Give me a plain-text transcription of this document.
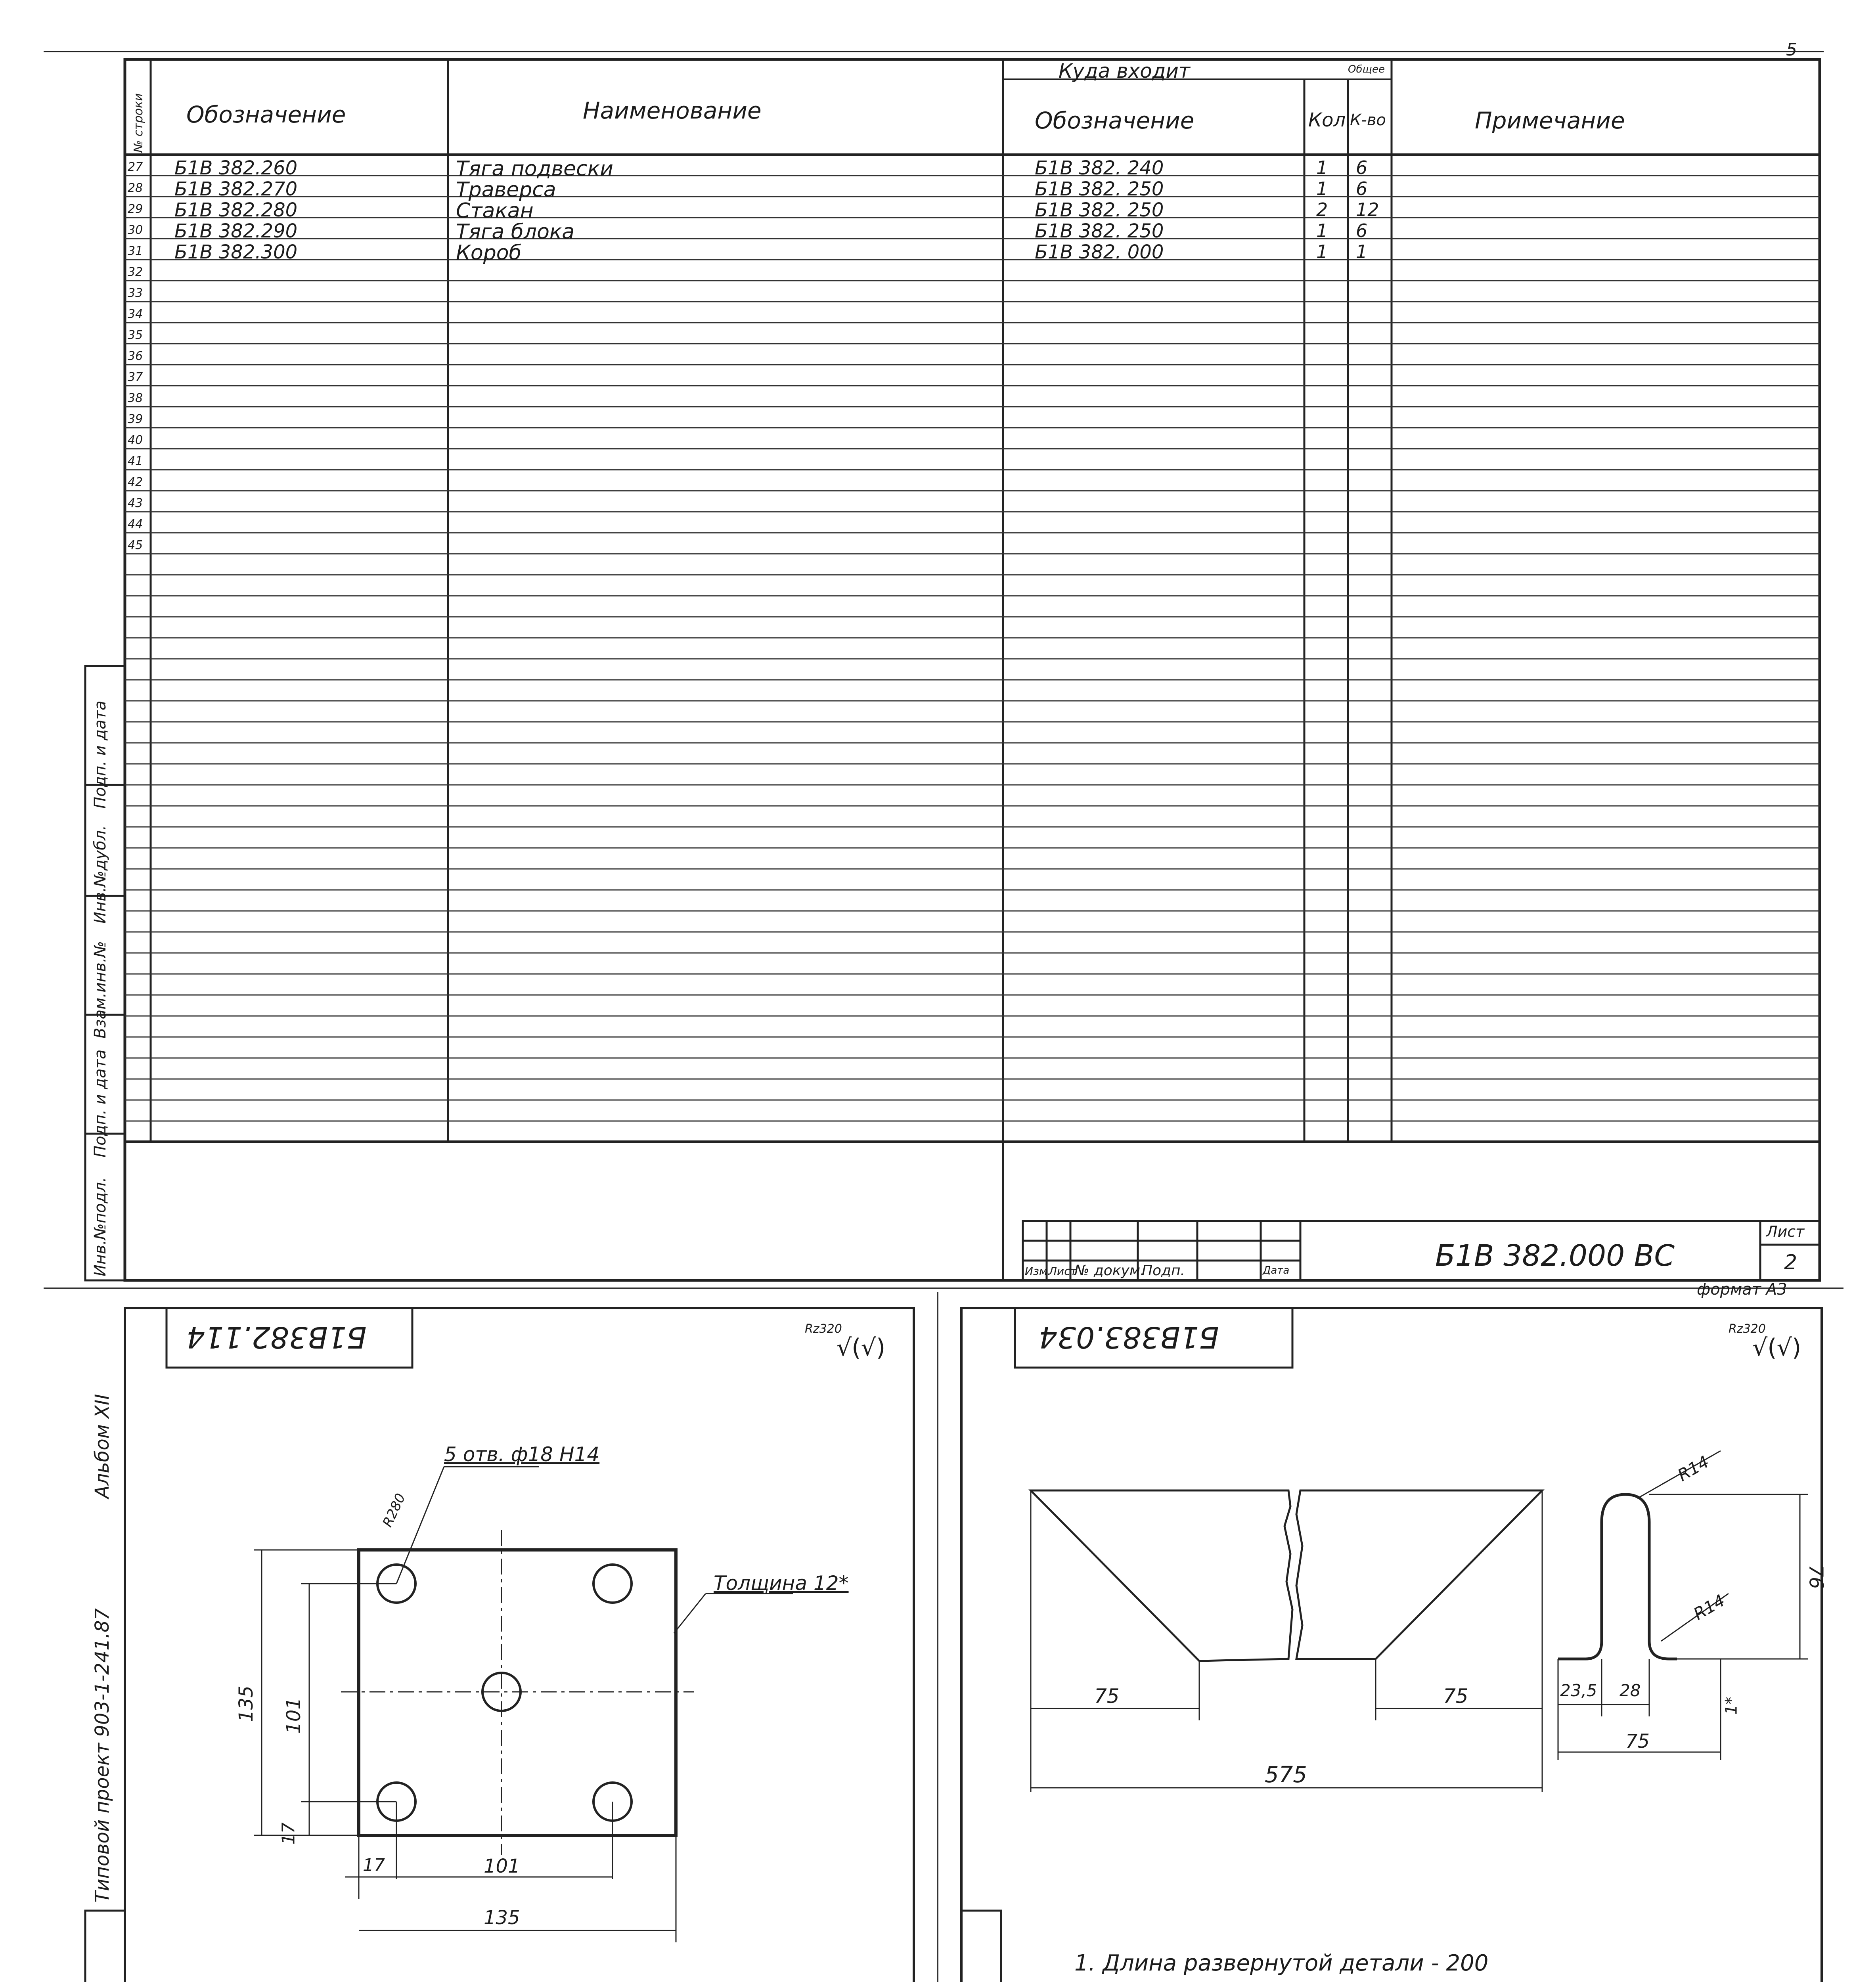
5
№ строки Обозначение	Наименование
Куда входит	Общее
Обозначение	Кол.
К-во	Примечание
27 Б1В 382.260	Тяга подвески	Б1В 382. 240	1 6
28 Б1В 382.270	Траверса	Б1В 382. 250	1 6
29 Б1В 382.280	Стакан	Б1В 382. 250	2 12
30 Б1В 382.290	Тяга блока	Б1В 382. 250	1 6
31 Б1В 382.300	Короб	Б1В 382. 000	1 1
32
33
34
35
36
37
38
39
40
41
42
43
44
45
Инв.№подл.
Подп. и дата
Взам.инв.№
Инв.№дубл.
Подп. и дата
Изм.
Лист
№ докум.
Подп.	Дата	Б1В 382.000 ВС
Лист
2
формат А3
Альбом XII
Типовой проект 903-1-241.87
Б1В382.114	Rz320
√(√)
5 отв. ф18 H14
R280
Толщина 12*
135 101
17
17	101
135
Б1В383.034	Rz320
√(√)
R14
R14
76
75	75
575
23,5 28
75
1*
1. Длина развернутой детали - 200
